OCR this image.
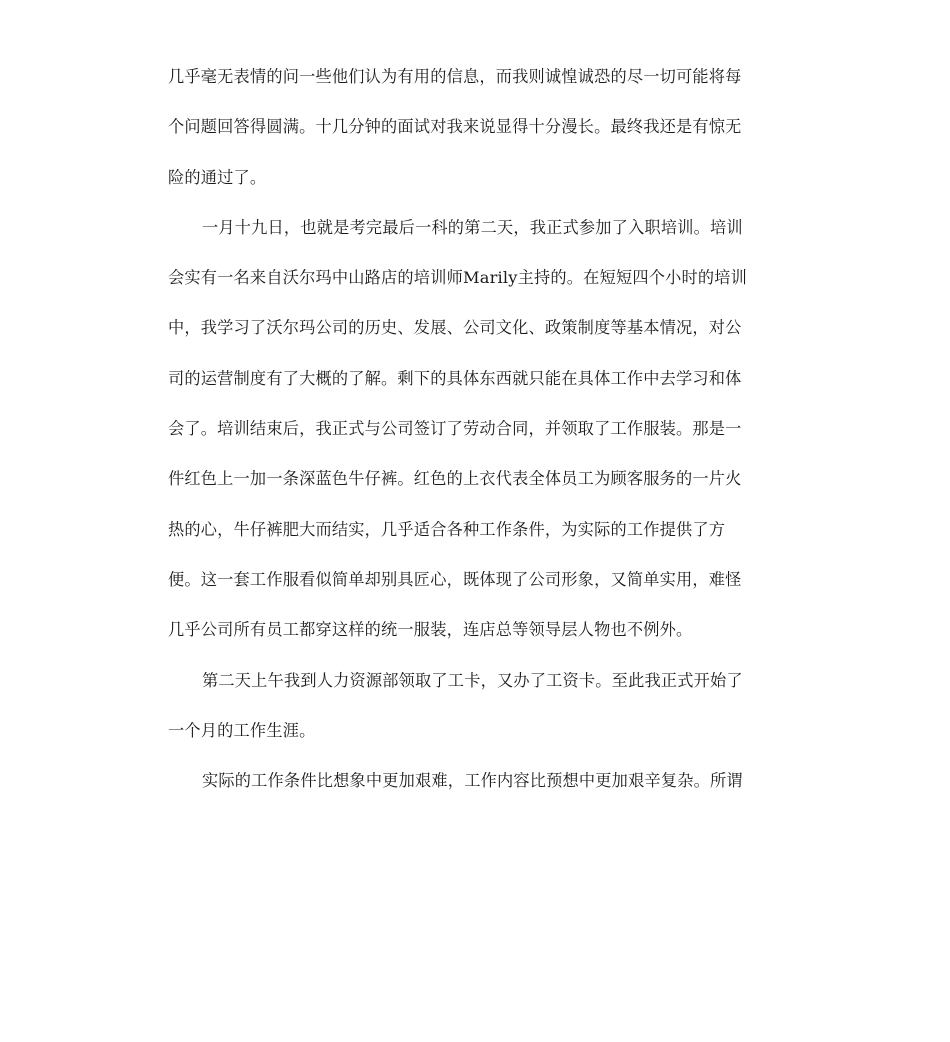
几乎毫无表情的问一些他们认为有用的信息，而我则诚惶诚恐的尽一切可能将每
个问题回答得圆满。十几分钟的面试对我来说显得十分漫长。最终我还是有惊无
险的通过了。
一月十九日，也就是考完最后一科的第二天，我正式参加了入职培训。培训
会实有一名来自沃尔玛中山路店的培训师Marily主持的。在短短四个小时的培训
中，我学习了沃尔玛公司的历史、发展、公司文化、政策制度等基本情况，对公
司的运营制度有了大概的了解。剩下的具体东西就只能在具体工作中去学习和体
会了。培训结束后，我正式与公司签订了劳动合同，并领取了工作服装。那是一
件红色上一加一条深蓝色牛仔裤。红色的上衣代表全体员工为顾客服务的一片火
热的心，牛仔裤肥大而结实，几乎适合各种工作条件，为实际的工作提供了方
便。这一套工作服看似简单却别具匠心，既体现了公司形象，又简单实用，难怪
几乎公司所有员工都穿这样的统一服装，连店总等领导层人物也不例外。
第二天上午我到人力资源部领取了工卡，又办了工资卡。至此我正式开始了
一个月的工作生涯。
实际的工作条件比想象中更加艰难，工作内容比预想中更加艰辛复杂。所谓
